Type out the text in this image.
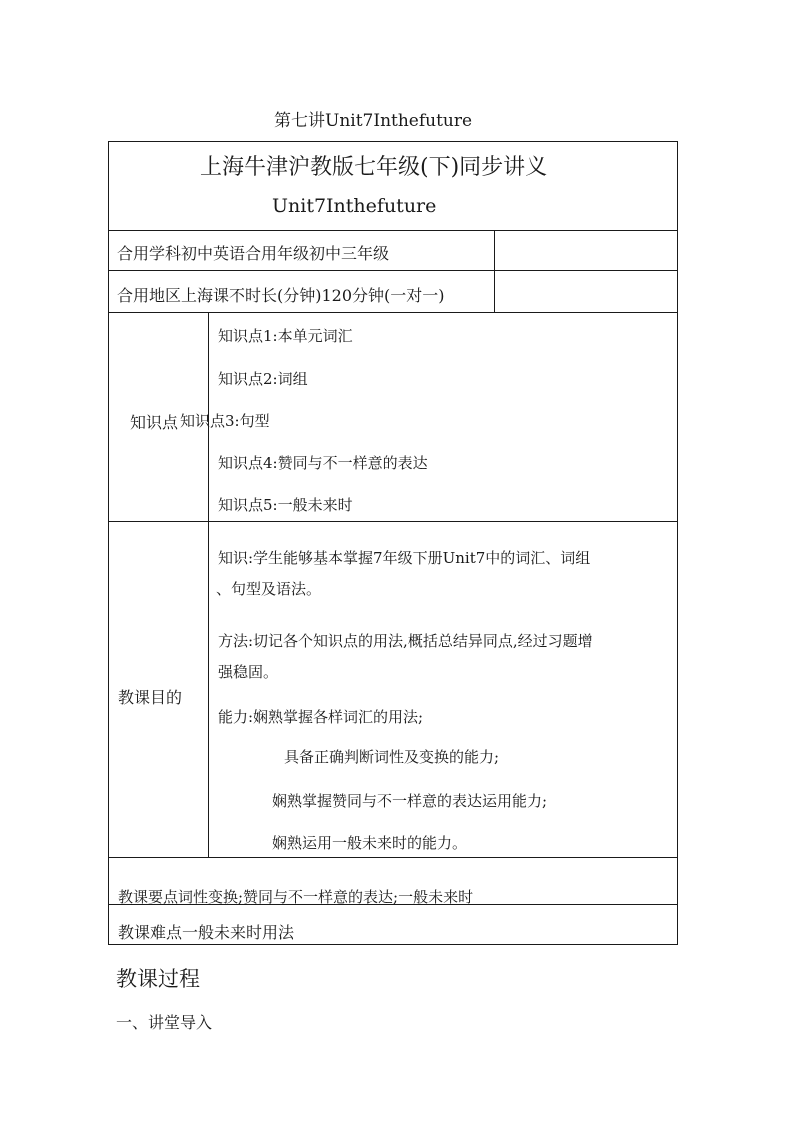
第七讲Unit7Inthefuture
上海牛津沪教版七年级(下)同步讲义
Unit7Inthefuture
合用学科初中英语合用年级初中三年级
合用地区上海课不时长(分钟)120分钟(一对一)
知识点
知识点1:本单元词汇
知识点2:词组
知识点3:句型
知识点4:赞同与不一样意的表达
知识点5:一般未来时
教课目的
知识:学生能够基本掌握7年级下册Unit7中的词汇、词组
、句型及语法。
方法:切记各个知识点的用法,概括总结异同点,经过习题增
强稳固。
能力:娴熟掌握各样词汇的用法;
具备正确判断词性及变换的能力;
娴熟掌握赞同与不一样意的表达运用能力;
娴熟运用一般未来时的能力。
教课要点词性变换;赞同与不一样意的表达;一般未来时
教课难点一般未来时用法
教课过程
一、讲堂导入
